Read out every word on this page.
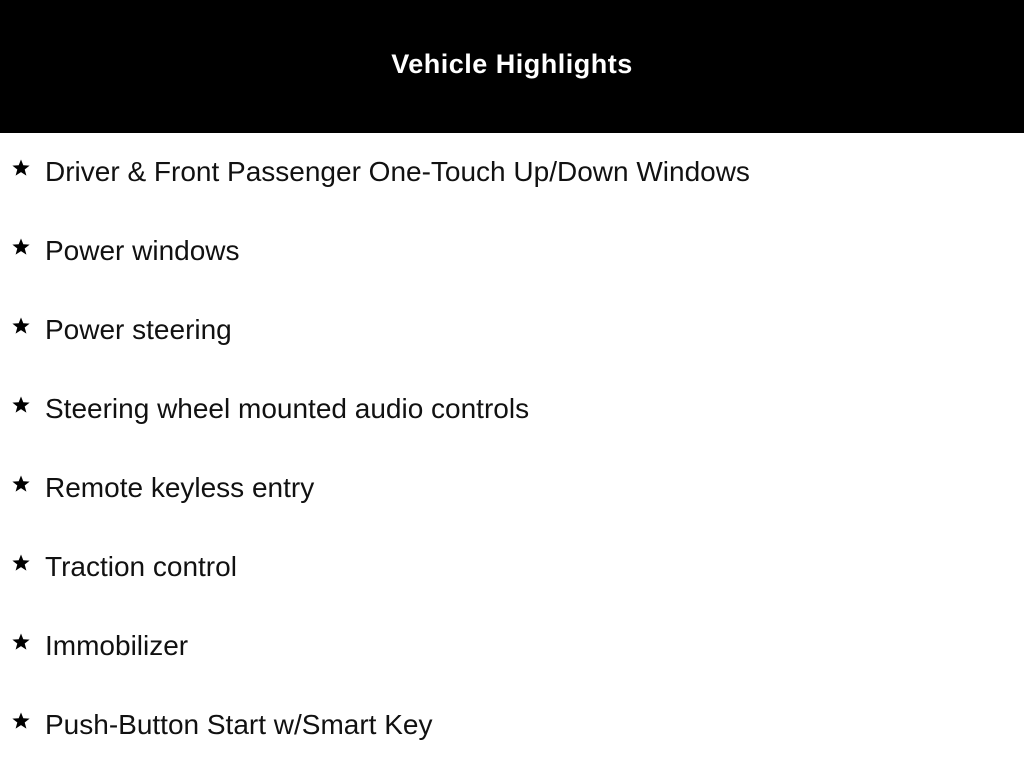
Vehicle Highlights
Driver & Front Passenger One-Touch Up/Down Windows
Power windows
Power steering
Steering wheel mounted audio controls
Remote keyless entry
Traction control
Immobilizer
Push-Button Start w/Smart Key
